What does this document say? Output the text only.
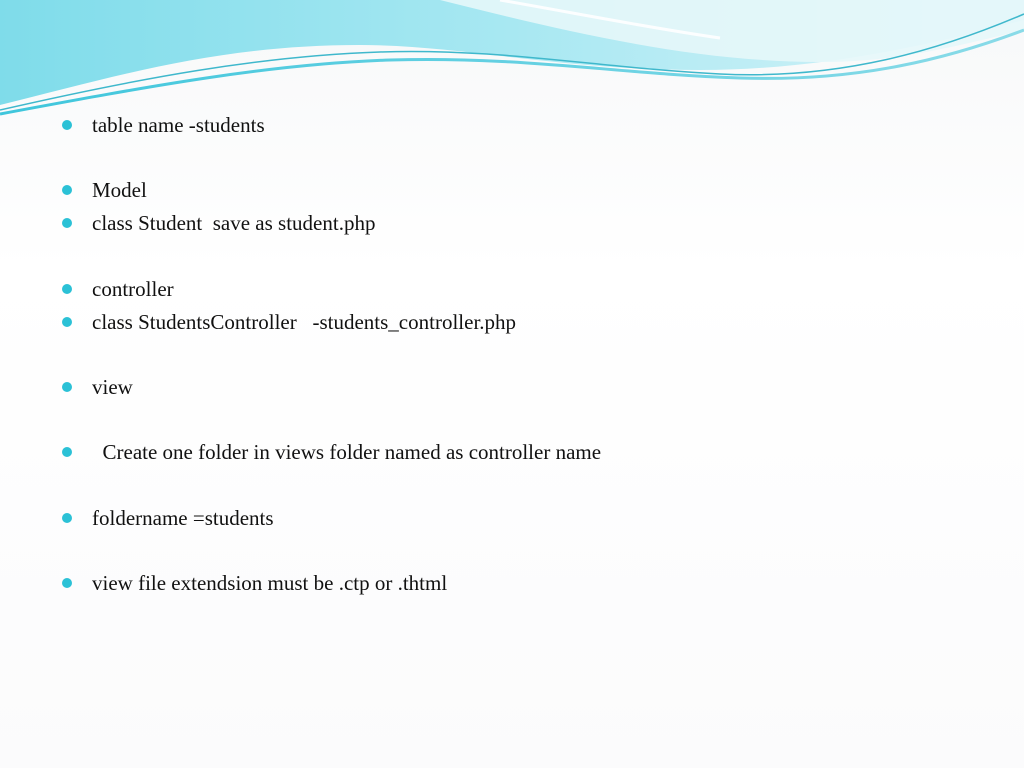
table name -students

Model

class Student  save as student.php

controller

class StudentsController   -students_controller.php

view

Create one folder in views folder named as controller name

foldername =students

view file extendsion must be .ctp or .thtml
